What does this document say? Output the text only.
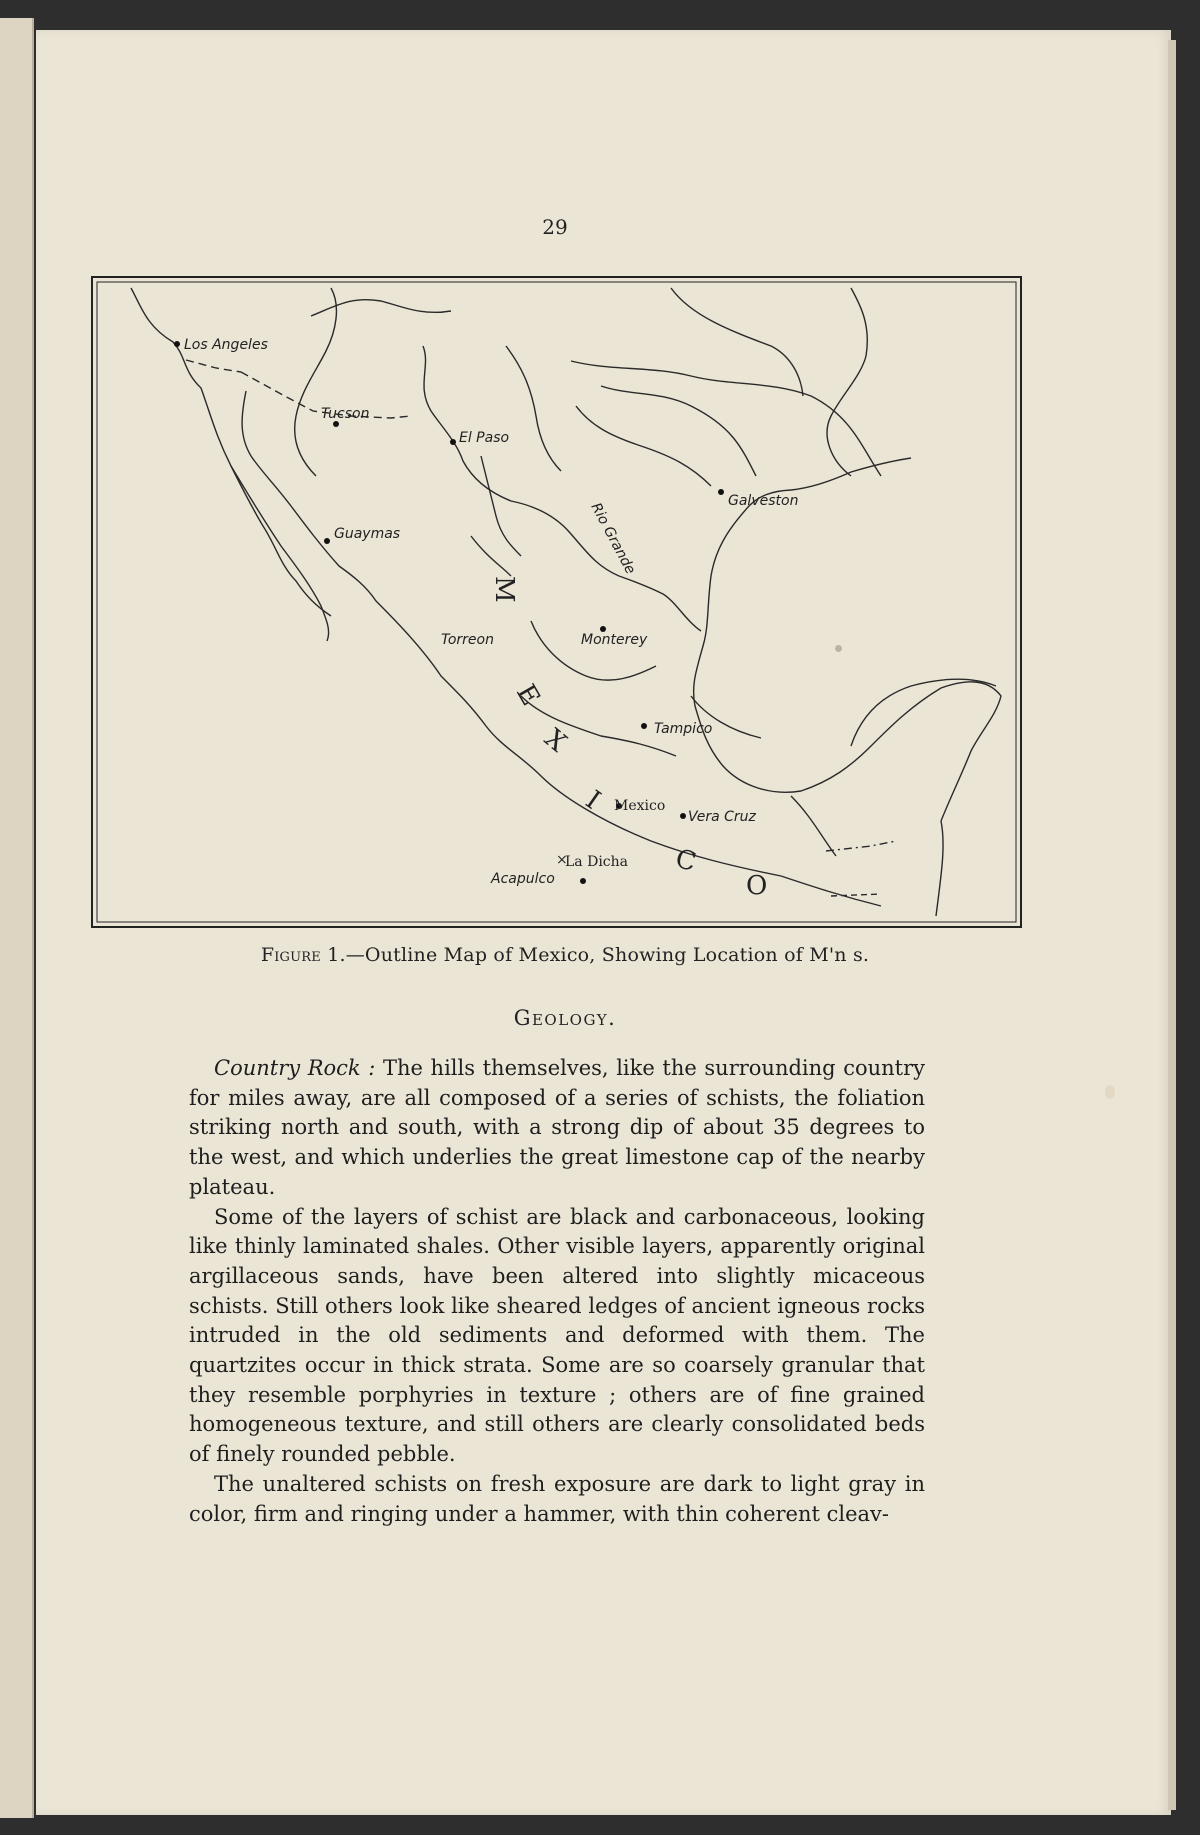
29
Los Angeles
Tucson
El Paso
Guaymas	Rio Grande	Galveston
Torreon	Monterey
Tampico
Mexico
Vera Cruz
La Dicha
Acapulco
×
M
E
X
I
C
O
Figure 1.—Outline Map of Mexico, Showing Location of M'n s.
Geology.

Country Rock : The hills themselves, like the surrounding country for miles away, are all composed of a series of schists, the foliation striking north and south, with a strong dip of about 35 degrees to the west, and which underlies the great limestone cap of the nearby plateau.

Some of the layers of schist are black and carbonaceous, looking like thinly laminated shales. Other visible layers, apparently original argillaceous sands, have been altered into slightly micaceous schists. Still others look like sheared ledges of ancient igneous rocks intruded in the old sediments and deformed with them. The quartzites occur in thick strata. Some are so coarsely granular that they resemble porphyries in texture ; others are of fine grained homogeneous texture, and still others are clearly consolidated beds of finely rounded pebble.

The unaltered schists on fresh exposure are dark to light gray in color, firm and ringing under a hammer, with thin coherent cleav-
